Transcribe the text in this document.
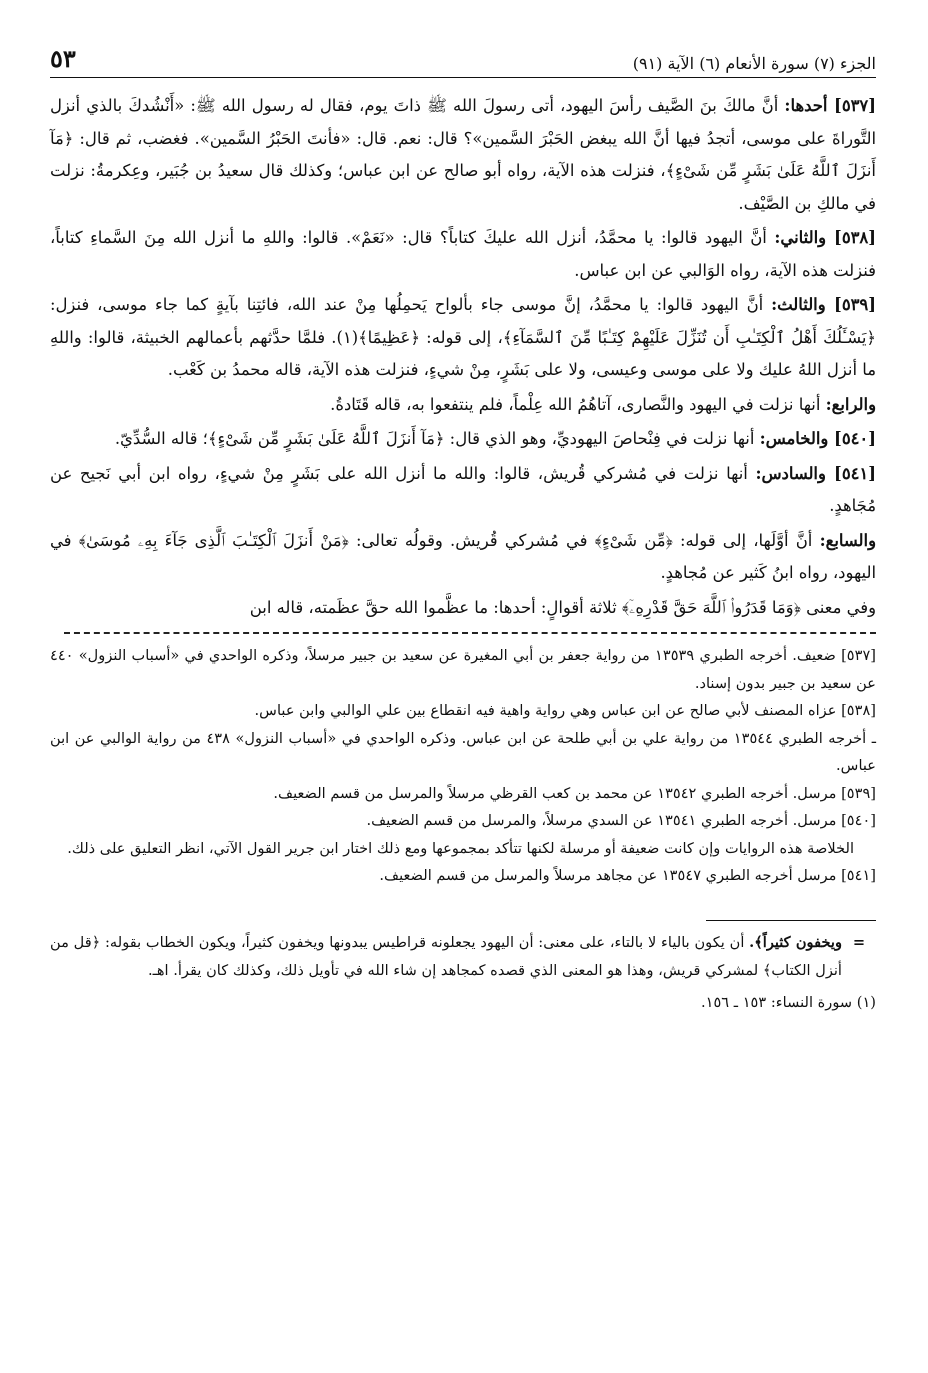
الجزء (٧) سورة الأنعام (٦) الآية (٩١)
٥٣

[٥٣٧] أحدها: أنَّ مالكَ بنَ الصَّيف رأسَ اليهود، أتى رسولَ الله ﷺ ذاتَ يوم، فقال له رسول الله ﷺ: «أَنْشُدكَ بالذي أنزل التَّوراةَ على موسى، أتجدُ فيها أنَّ الله يبغض الحَبْرَ السَّمين»؟ قال: نعم. قال: «فأنتَ الحَبْرُ السَّمين». فغضب، ثم قال: ﴿مَآ أَنزَلَ ٱللَّهُ عَلَىٰ بَشَرٍ مِّن شَىْءٍ﴾، فنزلت هذه الآية، رواه أبو صالح عن ابن عباس؛ وكذلك قال سعيدُ بن جُبَير، وعِكرمةُ: نزلت في مالكِ بن الصَّيْف.

[٥٣٨] والثاني: أنَّ اليهود قالوا: يا محمَّدُ، أنزل الله عليكَ كتاباً؟ قال: «نَعَمْ». قالوا: واللهِ ما أنزل الله مِنَ السَّماءِ كتاباً، فنزلت هذه الآية، رواه الوَالبي عن ابن عباس.

[٥٣٩] والثالث: أنَّ اليهود قالوا: يا محمَّدُ، إنَّ موسى جاء بألواح يَحمِلُها مِنْ عند الله، فائتِنا بآيةٍ كما جاء موسى، فنزل: ﴿يَسْـَٔلُكَ أَهْلُ ٱلْكِتَـٰبِ أَن تُنَزِّلَ عَلَيْهِمْ كِتَـٰبًا مِّنَ ٱلسَّمَآءِ﴾، إلى قوله: ﴿عَظِيمًا﴾(١). فلمَّا حدَّثهم بأعمالهم الخبيثة، قالوا: واللهِ ما أنزل اللهُ عليك ولا على موسى وعيسى، ولا على بَشَرٍ، مِنْ شيءٍ، فنزلت هذه الآية، قاله محمدُ بن كَعْب.

والرابع: أنها نزلت في اليهود والنَّصارى، آتاهُمُ الله عِلْماً، فلم ينتفعوا به، قاله قَتَادةُ.

[٥٤٠] والخامس: أنها نزلت في فِنْحاصَ اليهوديِّ، وهو الذي قال: ﴿مَآ أَنزَلَ ٱللَّهُ عَلَىٰ بَشَرٍ مِّن شَىْءٍ﴾؛ قاله السُّدِّيّ.

[٥٤١] والسادس: أنها نزلت في مُشركي قُريش، قالوا: والله ما أنزل الله على بَشَرٍ مِنْ شيءٍ، رواه ابن أبي نَجيح عن مُجَاهدٍ.

والسابع: أنَّ أوَّلَها، إلى قوله: ﴿مِّن شَىْءٍ﴾ في مُشركي قُريش. وقولُه تعالى: ﴿مَنْ أَنزَلَ ٱلْكِتَـٰبَ ٱلَّذِى جَآءَ بِهِۦ مُوسَىٰ﴾ في اليهود، رواه ابنُ كَثير عن مُجاهدٍ.

وفي معنى ﴿وَمَا قَدَرُوا۟ ٱللَّهَ حَقَّ قَدْرِهِۦٓ﴾ ثلاثة أقوالٍ: أحدها: ما عظَّموا الله حقَّ عظَمته، قاله ابن

[٥٣٧] ضعيف. أخرجه الطبري ١٣٥٣٩ من رواية جعفر بن أبي المغيرة عن سعيد بن جبير مرسلاً، وذكره الواحدي في «أسباب النزول» ٤٤٠ عن سعيد بن جبير بدون إسناد.

[٥٣٨] عزاه المصنف لأبي صالح عن ابن عباس وهي رواية واهية فيه انقطاع بين علي الوالبي وابن عباس.

ـ أخرجه الطبري ١٣٥٤٤ من رواية علي بن أبي طلحة عن ابن عباس. وذكره الواحدي في «أسباب النزول» ٤٣٨ من رواية الوالبي عن ابن عباس.

[٥٣٩] مرسل. أخرجه الطبري ١٣٥٤٢ عن محمد بن كعب القرظي مرسلاً والمرسل من قسم الضعيف.

[٥٤٠] مرسل. أخرجه الطبري ١٣٥٤١ عن السدي مرسلاً، والمرسل من قسم الضعيف.

الخلاصة هذه الروايات وإن كانت ضعيفة أو مرسلة لكنها تتأكد بمجموعها ومع ذلك اختار ابن جرير القول الآتي، انظر التعليق على ذلك.

[٥٤١] مرسل أخرجه الطبري ١٣٥٤٧ عن مجاهد مرسلاً والمرسل من قسم الضعيف.

=
ويخفون كثيراً﴾. أن يكون بالياء لا بالتاء، على معنى: أن اليهود يجعلونه قراطيس يبدونها ويخفون كثيراً، ويكون الخطاب بقوله: ﴿قل من أنزل الكتاب﴾ لمشركي قريش، وهذا هو المعنى الذي قصده كمجاهد إن شاء الله في تأويل ذلك، وكذلك كان يقرأ. اهـ.

(١) سورة النساء: ١٥٣ ـ ١٥٦.
